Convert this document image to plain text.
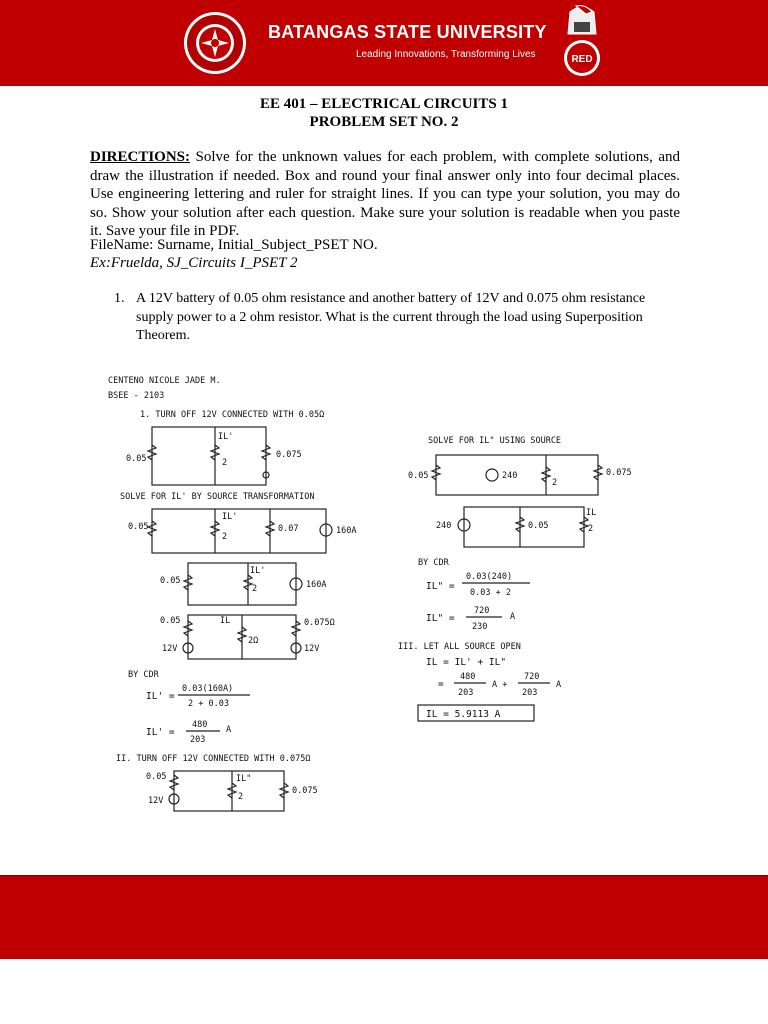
BATANGAS STATE UNIVERSITY
Leading Innovations, Transforming Lives	RED
EE 401 – ELECTRICAL CIRCUITS 1
PROBLEM SET NO. 2
DIRECTIONS: Solve for the unknown values for each problem, with complete solutions, and draw the illustration if needed. Box and round your final answer only into four decimal places. Use engineering lettering and ruler for straight lines. If you can type your solution, you may do so. Show your solution after each question. Make sure your solution is readable when you paste it. Save your file in PDF.
FileName: Surname, Initial_Subject_PSET NO.
Ex:Fruelda, SJ_Circuits I_PSET 2
1. A 12V battery of 0.05 ohm resistance and another battery of 12V and 0.075 ohm resistance supply power to a 2 ohm resistor. What is the current through the load using Superposition Theorem.
CENTENO NICOLE JADE M.
BSEE - 2103
1. TURN OFF 12V CONNECTED WITH 0.05Ω
0.05	2
IL'
0.075
SOLVE FOR IL' BY SOURCE TRANSFORMATION
0.05
2
IL'
0.07	160A
0.05
2
IL'
160A
0.05
12V
IL
2Ω
0.075Ω
12V
BY CDR
IL' =
0.03(160A)
2 + 0.03
IL' =
480
203
A
II. TURN OFF 12V CONNECTED WITH 0.075Ω
0.05
12V
IL"
2
0.075
SOLVE FOR IL" USING SOURCE
0.05	240
2
0.075
240	0.05
IL
2
BY CDR
IL" =
0.03(240)
0.03 + 2
IL" =
720
230
A
III. LET ALL SOURCE OPEN
IL = IL' + IL"
=
480
203
A +
720
203
A
IL = 5.9113 A
